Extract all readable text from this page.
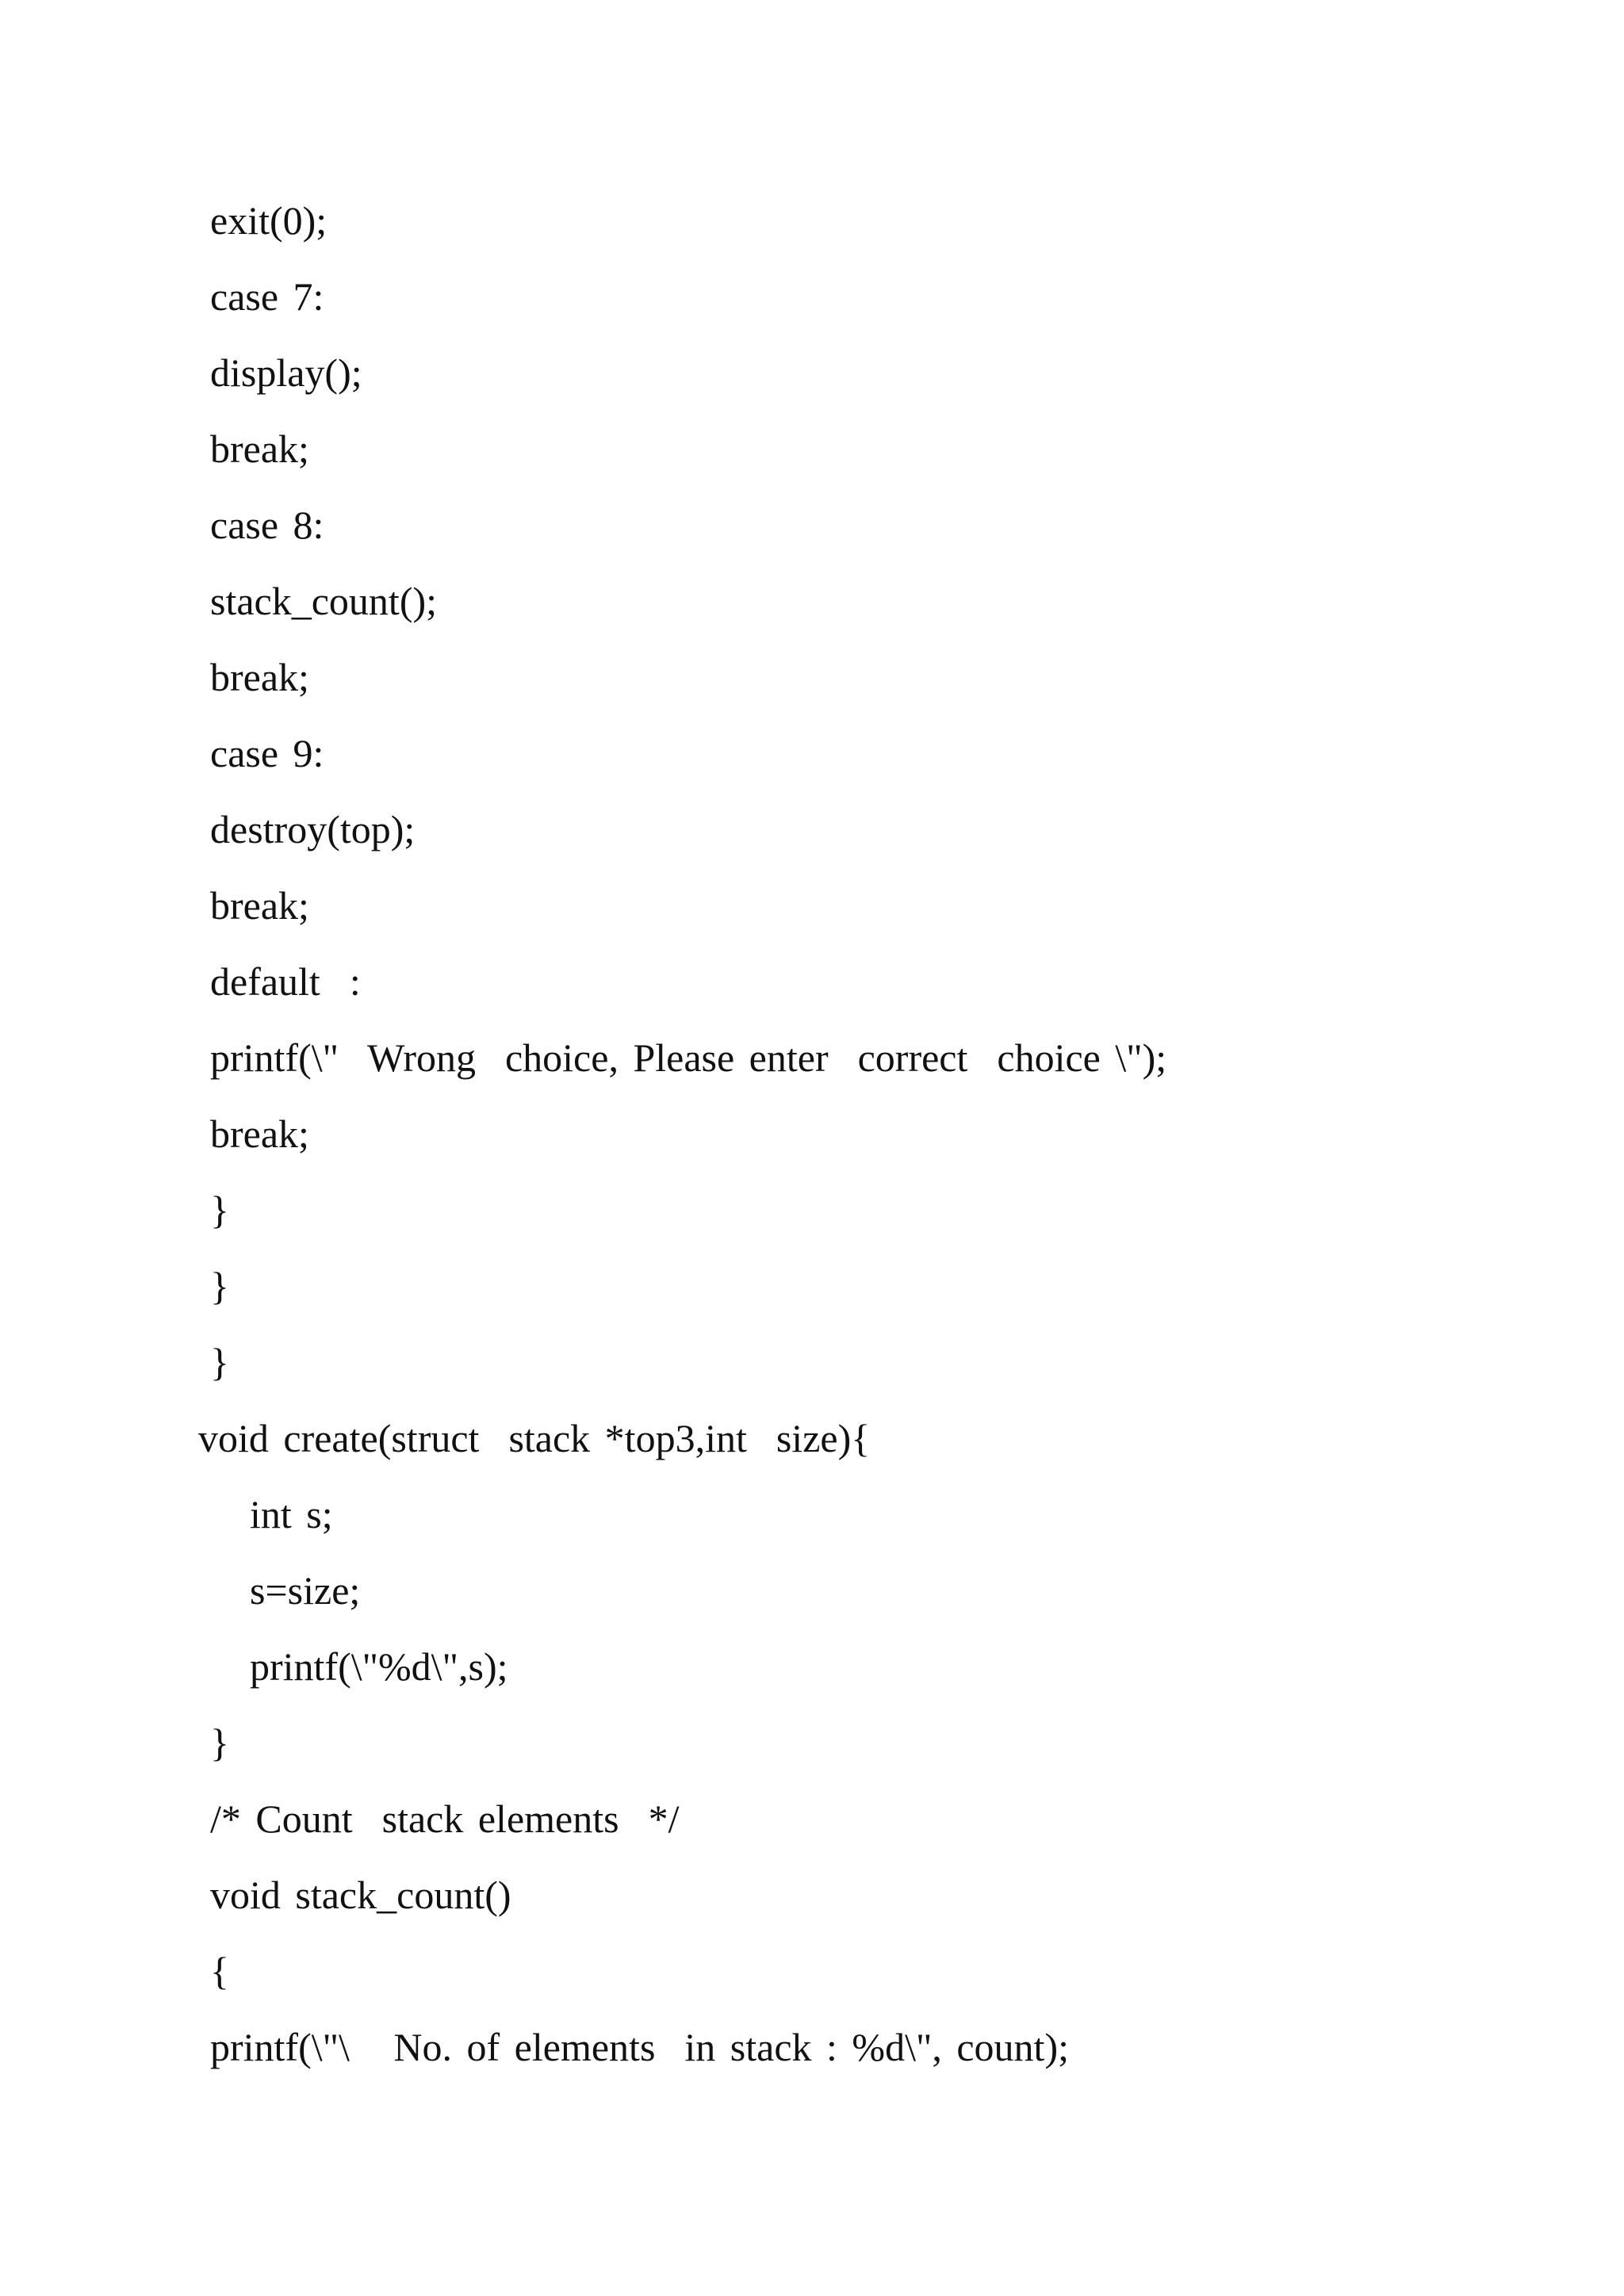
exit(0);
case 7:
display();
break;
case 8:
stack_count();
break;
case 9:
destroy(top);
break;
default  :
printf(\"  Wrong  choice, Please enter  correct  choice \");
break;
}
}
}
void create(struct  stack *top3,int  size){
int s;
s=size;
printf(\"%d\",s);
}
/* Count  stack elements  */
void stack_count()
{
printf(\"\   No. of elements  in stack : %d\", count);
